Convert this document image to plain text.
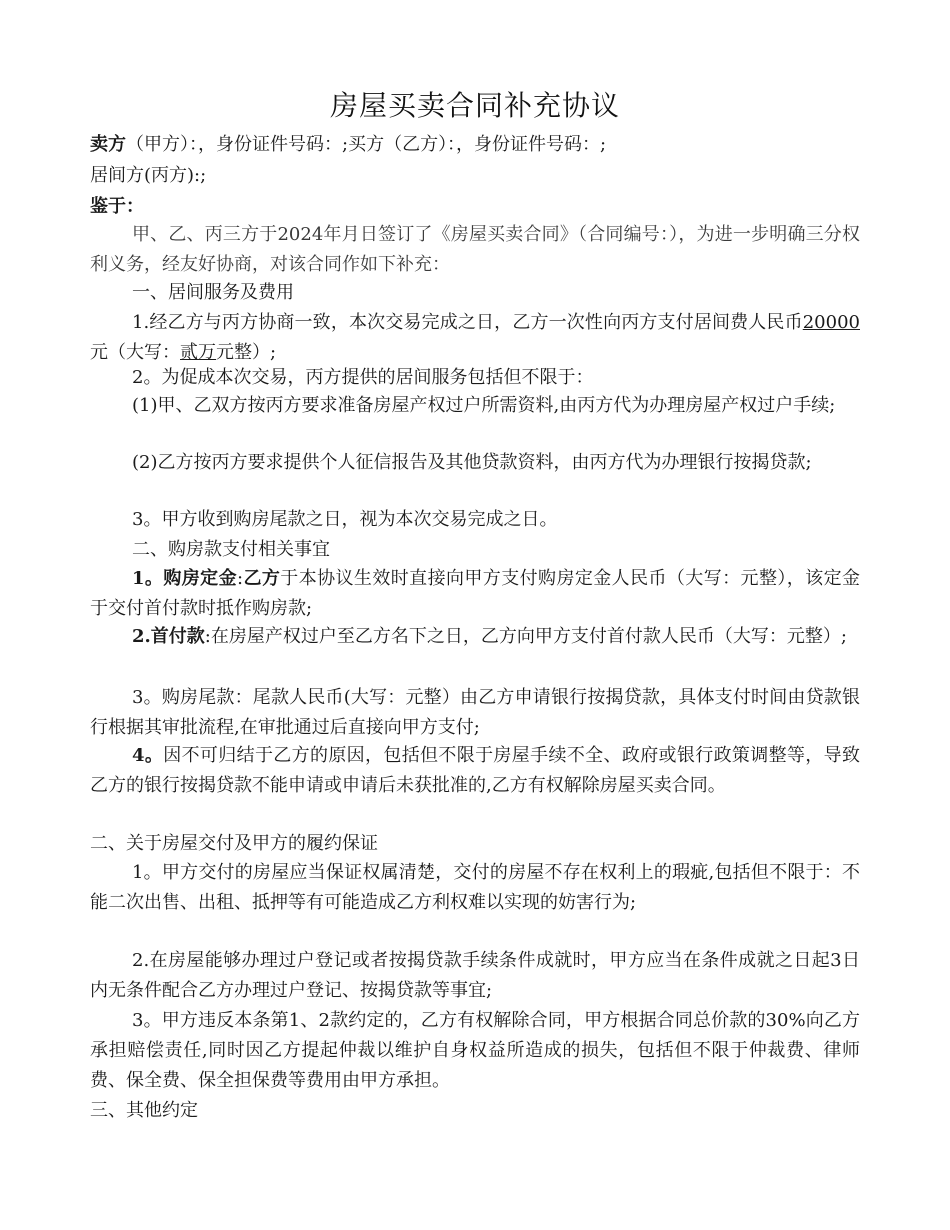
房屋买卖合同补充协议
卖方（甲方）：，身份证件号码：;买方（乙方）：，身份证件号码：;
居间方(丙方):;
鉴于：
甲、乙、丙三方于2024年月日签订了《房屋买卖合同》（合同编号：），为进一步明确三分权利义务，经友好协商，对该合同作如下补充：
一、居间服务及费用
1.经乙方与丙方协商一致，本次交易完成之日，乙方一次性向丙方支付居间费人民币20000元（大写：贰万元整）;
2。为促成本次交易，丙方提供的居间服务包括但不限于：
(1)甲、乙双方按丙方要求准备房屋产权过户所需资料,由丙方代为办理房屋产权过户手续;
(2)乙方按丙方要求提供个人征信报告及其他贷款资料，由丙方代为办理银行按揭贷款;
3。甲方收到购房尾款之日，视为本次交易完成之日。
二、购房款支付相关事宜
1。购房定金:乙方于本协议生效时直接向甲方支付购房定金人民币（大写：元整），该定金于交付首付款时抵作购房款;
2.首付款:在房屋产权过户至乙方名下之日，乙方向甲方支付首付款人民币（大写：元整）;
3。购房尾款：尾款人民币(大写：元整）由乙方申请银行按揭贷款，具体支付时间由贷款银行根据其审批流程,在审批通过后直接向甲方支付;
4。因不可归结于乙方的原因，包括但不限于房屋手续不全、政府或银行政策调整等，导致乙方的银行按揭贷款不能申请或申请后未获批准的,乙方有权解除房屋买卖合同。
二、关于房屋交付及甲方的履约保证
1。甲方交付的房屋应当保证权属清楚，交付的房屋不存在权利上的瑕疵,包括但不限于：不能二次出售、出租、抵押等有可能造成乙方利权难以实现的妨害行为;
2.在房屋能够办理过户登记或者按揭贷款手续条件成就时，甲方应当在条件成就之日起3日内无条件配合乙方办理过户登记、按揭贷款等事宜;
3。甲方违反本条第1、2款约定的，乙方有权解除合同，甲方根据合同总价款的30%向乙方承担赔偿责任,同时因乙方提起仲裁以维护自身权益所造成的损失，包括但不限于仲裁费、律师费、保全费、保全担保费等费用由甲方承担。
三、其他约定
